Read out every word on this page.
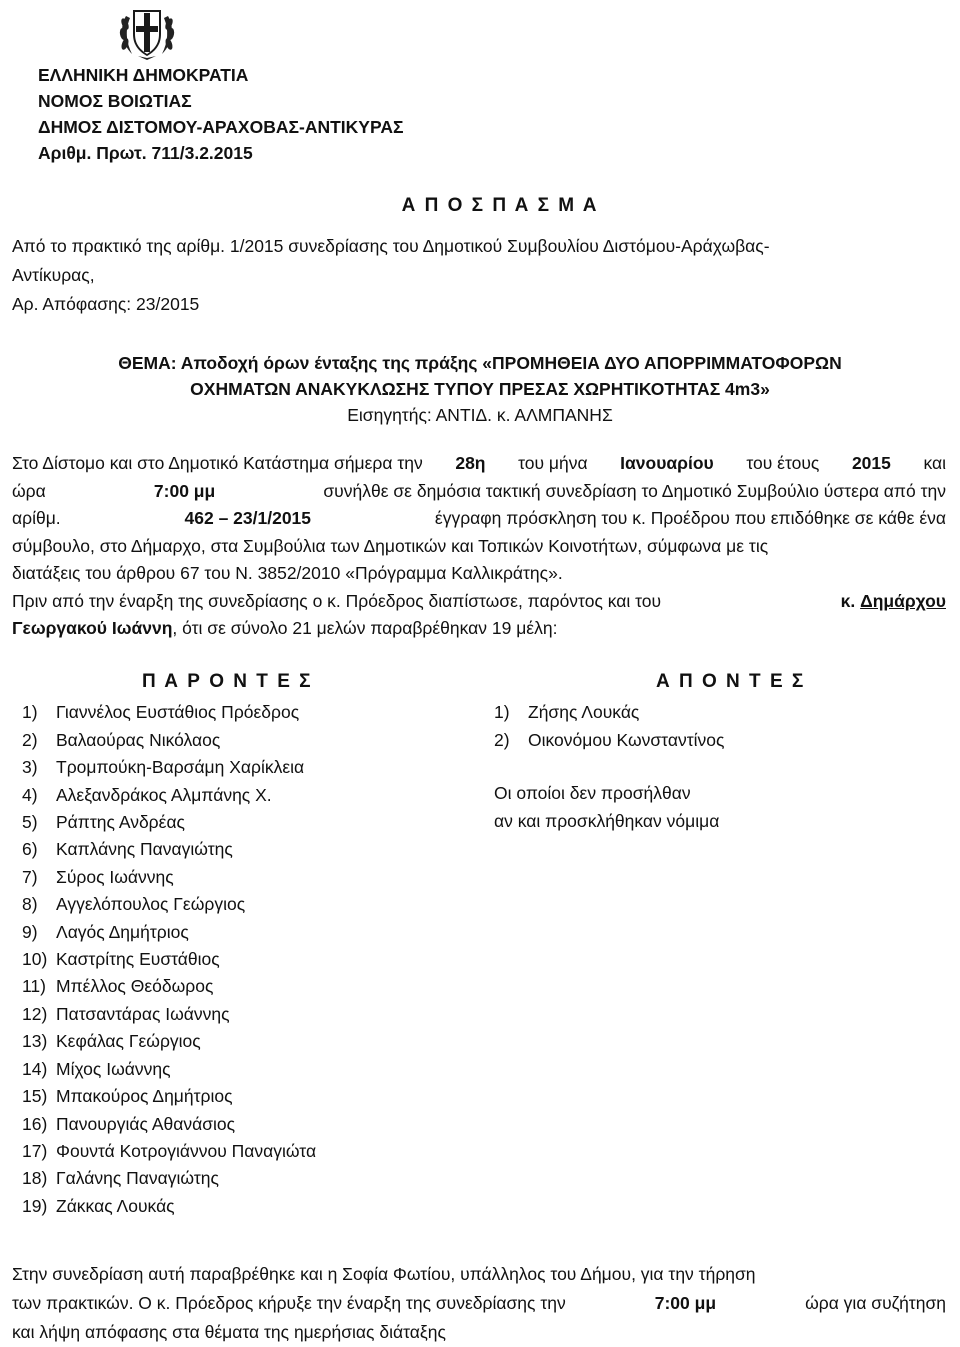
ΕΛΛΗΝΙΚΗ ΔΗΜΟΚΡΑΤΙΑ
ΝΟΜΟΣ ΒΟΙΩΤΙΑΣ
ΔΗΜΟΣ ΔΙΣΤΟΜΟΥ-ΑΡΑΧΟΒΑΣ-ΑΝΤΙΚΥΡΑΣ
Αριθμ. Πρωτ. 711/3.2.2015
Α Π Ο Σ Π Α Σ Μ Α
Από το πρακτικό της αρίθμ. 1/2015 συνεδρίασης του Δημοτικού Συμβουλίου Διστόμου-Αράχωβας-
Αντίκυρας,
Αρ. Απόφασης: 23/2015
ΘΕΜΑ: Αποδοχή όρων ένταξης της πράξης «ΠΡΟΜΗΘΕΙΑ ΔΥΟ ΑΠΟΡΡΙΜΜΑΤΟΦΟΡΩΝ
ΟΧΗΜΑΤΩΝ ΑΝΑΚΥΚΛΩΣΗΣ ΤΥΠΟΥ ΠΡΕΣΑΣ ΧΩΡΗΤΙΚΟΤΗΤΑΣ 4m3»
Εισηγητής: ΑΝΤΙΔ. κ. ΑΛΜΠΑΝΗΣ
Στο Δίστομο και στο Δημοτικό Κατάστημα σήμερα την 28η του μήνα Ιανουαρίου του έτους 2015 και
ώρα	7:00 μμ	συνήλθε σε δημόσια τακτική συνεδρίαση το Δημοτικό Συμβούλιο ύστερα από την
αρίθμ.	462 – 23/1/2015	έγγραφη πρόσκληση του κ. Προέδρου που επιδόθηκε σε κάθε ένα
σύμβουλο, στο Δήμαρχο, στα Συμβούλια των Δημοτικών και Τοπικών Κοινοτήτων, σύμφωνα με τις
διατάξεις του άρθρου 67 του Ν. 3852/2010 «Πρόγραμμα Καλλικράτης».
Πριν από την έναρξη της συνεδρίασης ο κ. Πρόεδρος διαπίστωσε, παρόντος και του	κ. Δημάρχου
Γεωργακού Ιωάννη , ότι σε σύνολο 21 μελών παραβρέθηκαν 19 μέλη:
Π Α Ρ Ο Ν Τ Ε Σ
1)	Γιαννέλος Ευστάθιος Πρόεδρος
2)	Βαλαούρας Νικόλαος
3)	Τρομπούκη-Βαρσάμη Χαρίκλεια
4)	Αλεξανδράκος Αλμπάνης Χ.
5)	Ράπτης Ανδρέας
6)	Καπλάνης Παναγιώτης
7)	Σύρος Ιωάννης
8)	Αγγελόπουλος Γεώργιος
9)	Λαγός Δημήτριος
10) Καστρίτης Ευστάθιος
11) Μπέλλος Θεόδωρος
12) Πατσαντάρας Ιωάννης
13) Κεφάλας Γεώργιος
14) Μίχος Ιωάννης
15) Μπακούρος Δημήτριος
16) Πανουργιάς Αθανάσιος
17) Φουντά Κοτρογιάννου Παναγιώτα
18) Γαλάνης Παναγιώτης
19) Ζάκκας Λουκάς
Α Π Ο Ν Τ Ε Σ
1)	Ζήσης Λουκάς
2)	Οικονόμου Κωνσταντίνος
Οι οποίοι δεν προσήλθαν
αν και προσκλήθηκαν νόμιμα
Στην συνεδρίαση αυτή παραβρέθηκε και η Σοφία Φωτίου, υπάλληλος του Δήμου, για την τήρηση
των πρακτικών. Ο κ. Πρόεδρος κήρυξε την έναρξη της συνεδρίασης την	7:00 μμ	ώρα για συζήτηση
και λήψη απόφασης στα θέματα της ημερήσιας διάταξης
